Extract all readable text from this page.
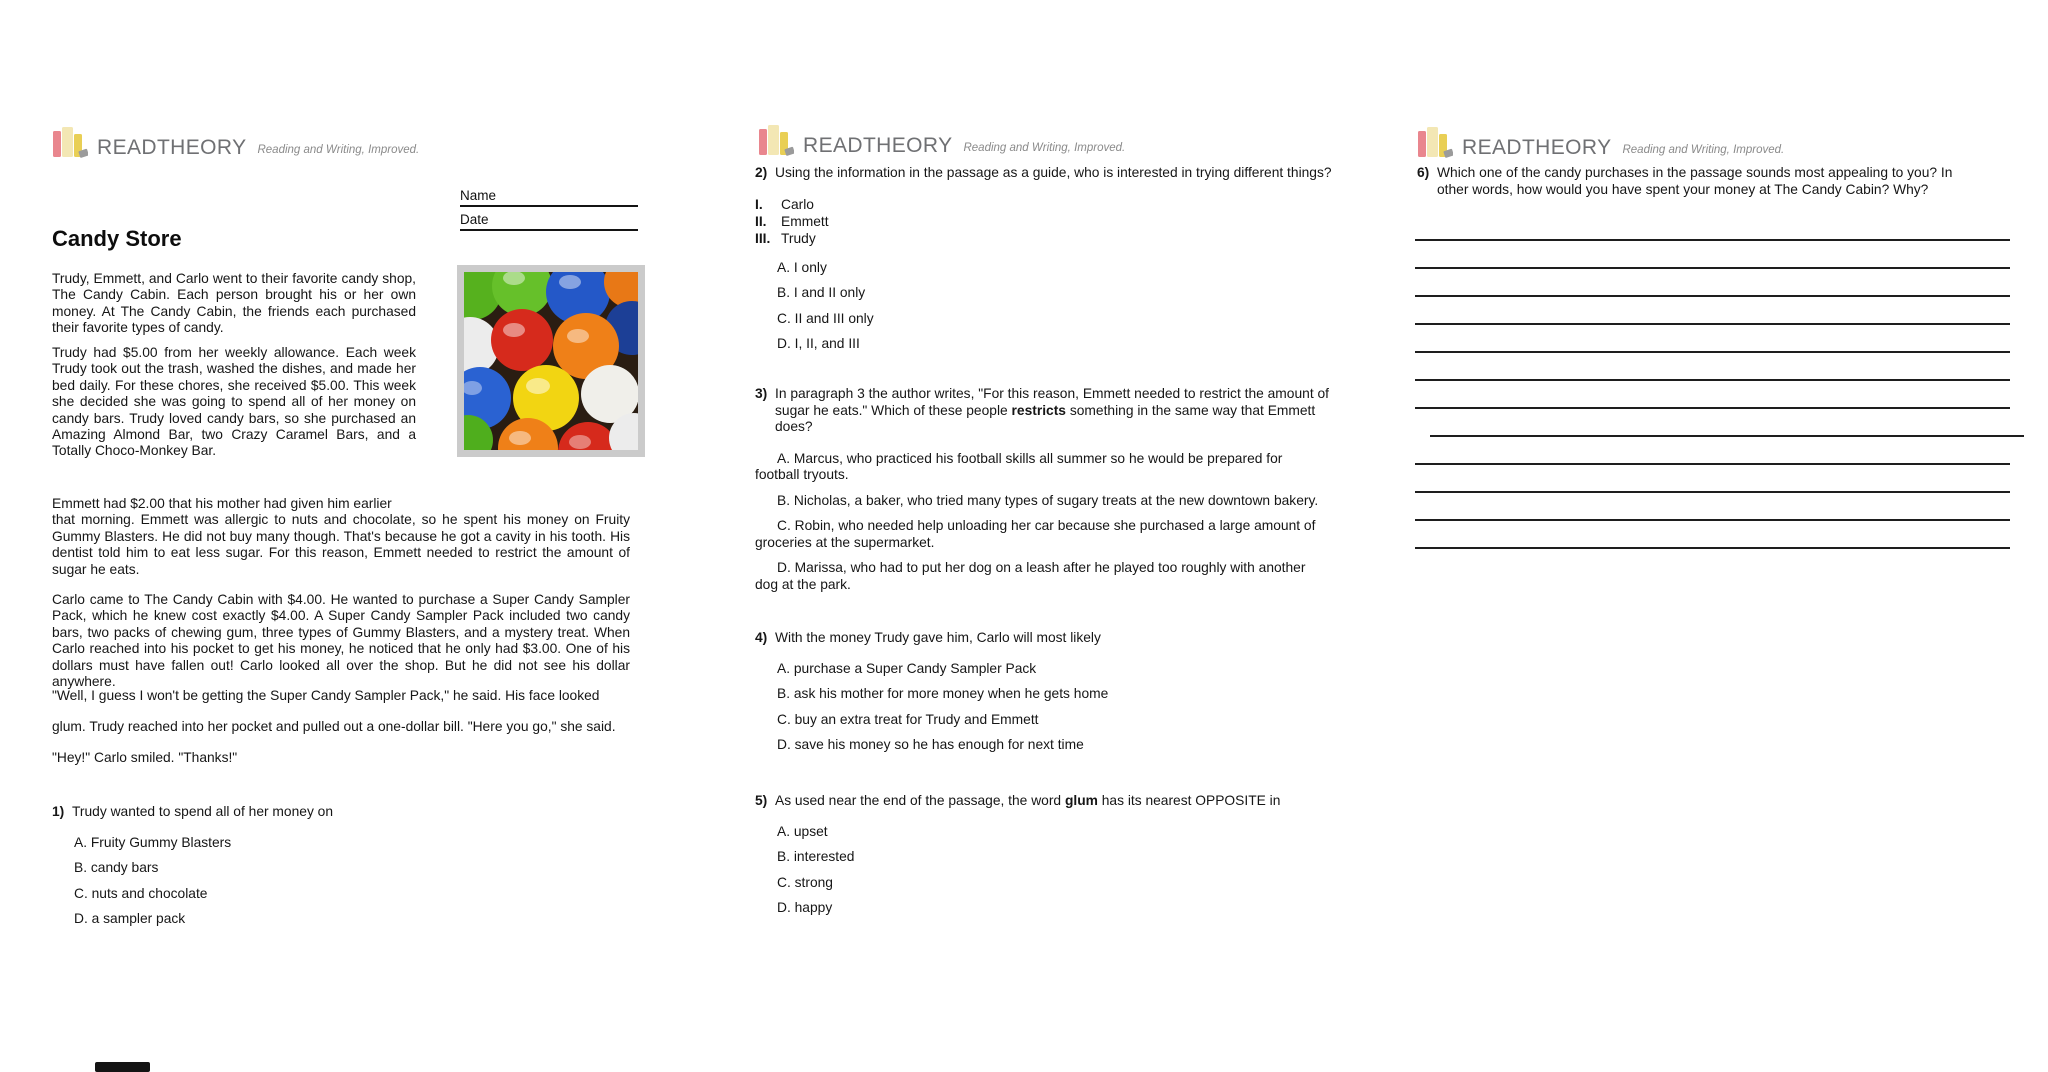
READTHEORY Reading and Writing, Improved.
Name
Date
Candy Store
Trudy, Emmett, and Carlo went to their favorite candy shop, The Candy Cabin. Each person brought his or her own money. At The Candy Cabin, the friends each purchased their favorite types of candy.
Trudy had $5.00 from her weekly allowance. Each week Trudy took out the trash, washed the dishes, and made her bed daily. For these chores, she received $5.00. This week she decided she was going to spend all of her money on candy bars. Trudy loved candy bars, so she purchased an Amazing Almond Bar, two Crazy Caramel Bars, and a Totally Choco-Monkey Bar.
Emmett had $2.00 that his mother had given him earlier
that morning. Emmett was allergic to nuts and chocolate, so he spent his money on Fruity Gummy Blasters. He did not buy many though. That's because he got a cavity in his tooth. His dentist told him to eat less sugar. For this reason, Emmett needed to restrict the amount of sugar he eats.
Carlo came to The Candy Cabin with $4.00. He wanted to purchase a Super Candy Sampler Pack, which he knew cost exactly $4.00. A Super Candy Sampler Pack included two candy bars, two packs of chewing gum, three types of Gummy Blasters, and a mystery treat. When Carlo reached into his pocket to get his money, he noticed that he only had $3.00. One of his dollars must have fallen out! Carlo looked all over the shop. But he did not see his dollar anywhere.
"Well, I guess I won't be getting the Super Candy Sampler Pack," he said. His face looked
glum. Trudy reached into her pocket and pulled out a one-dollar bill. "Here you go," she said.
"Hey!" Carlo smiled. "Thanks!"
1) Trudy wanted to spend all of her money on
A. Fruity Gummy Blasters
B. candy bars
C. nuts and chocolate
D. a sampler pack
READTHEORY Reading and Writing, Improved.
2) Using the information in the passage as a guide, who is interested in trying different things?
I.	Carlo
II.	Emmett
III. Trudy
A. I only
B. I and II only
C. II and III only
D. I, II, and III
3) In paragraph 3 the author writes, "For this reason, Emmett needed to restrict the amount of sugar he eats." Which of these people restricts something in the same way that Emmett does?
A. Marcus, who practiced his football skills all summer so he would be prepared for football tryouts.
B. Nicholas, a baker, who tried many types of sugary treats at the new downtown bakery.
C. Robin, who needed help unloading her car because she purchased a large amount of groceries at the supermarket.
D. Marissa, who had to put her dog on a leash after he played too roughly with another dog at the park.
4) With the money Trudy gave him, Carlo will most likely
A. purchase a Super Candy Sampler Pack
B. ask his mother for more money when he gets home
C. buy an extra treat for Trudy and Emmett
D. save his money so he has enough for next time
5) As used near the end of the passage, the word glum has its nearest OPPOSITE in
A. upset
B. interested
C. strong
D. happy
READTHEORY Reading and Writing, Improved.
6) Which one of the candy purchases in the passage sounds most appealing to you? In other words, how would you have spent your money at The Candy Cabin? Why?
